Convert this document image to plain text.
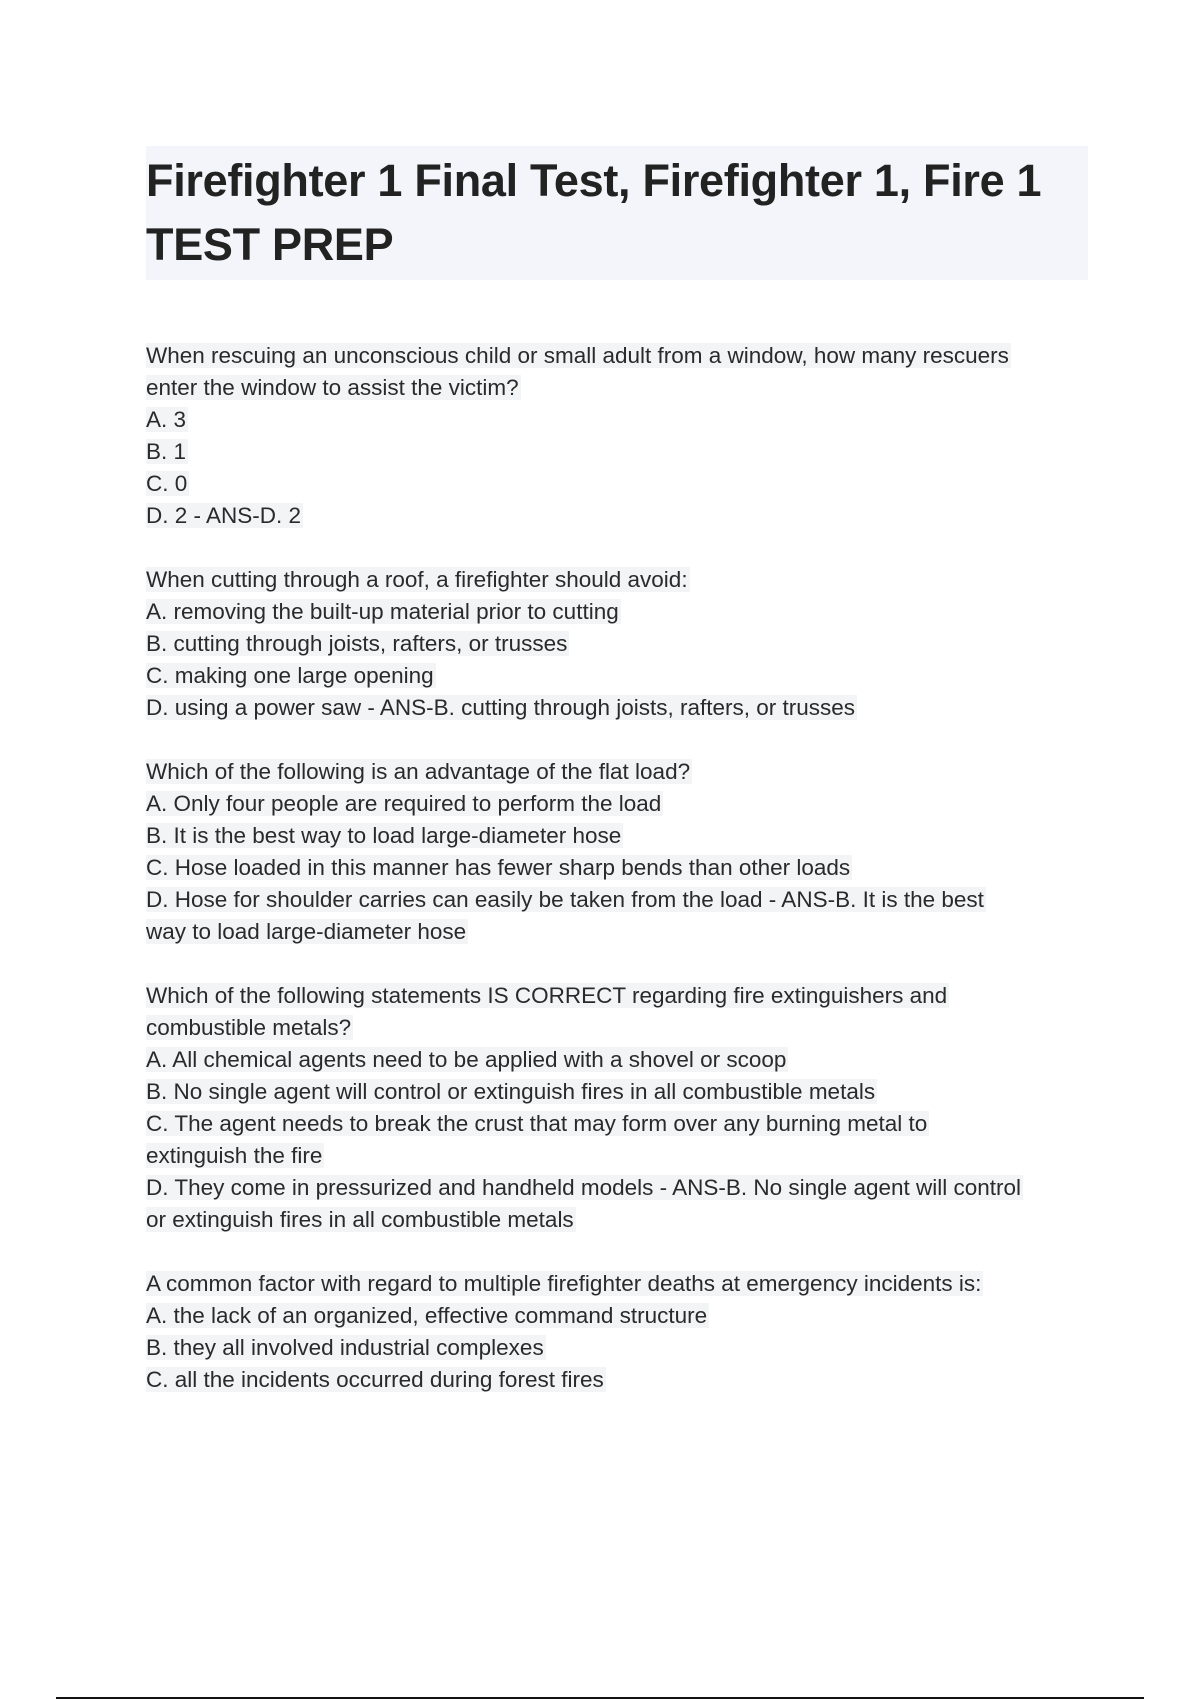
Firefighter 1 Final Test, Firefighter 1, Fire 1
TEST PREP
When rescuing an unconscious child or small adult from a window, how many rescuers
enter the window to assist the victim?
A. 3
B. 1
C. 0
D. 2 - ANS-D. 2
When cutting through a roof, a firefighter should avoid:
A. removing the built-up material prior to cutting
B. cutting through joists, rafters, or trusses
C. making one large opening
D. using a power saw - ANS-B. cutting through joists, rafters, or trusses
Which of the following is an advantage of the flat load?
A. Only four people are required to perform the load
B. It is the best way to load large-diameter hose
C. Hose loaded in this manner has fewer sharp bends than other loads
D. Hose for shoulder carries can easily be taken from the load - ANS-B. It is the best
way to load large-diameter hose
Which of the following statements IS CORRECT regarding fire extinguishers and
combustible metals?
A. All chemical agents need to be applied with a shovel or scoop
B. No single agent will control or extinguish fires in all combustible metals
C. The agent needs to break the crust that may form over any burning metal to
extinguish the fire
D. They come in pressurized and handheld models - ANS-B. No single agent will control
or extinguish fires in all combustible metals
A common factor with regard to multiple firefighter deaths at emergency incidents is:
A. the lack of an organized, effective command structure
B. they all involved industrial complexes
C. all the incidents occurred during forest fires
